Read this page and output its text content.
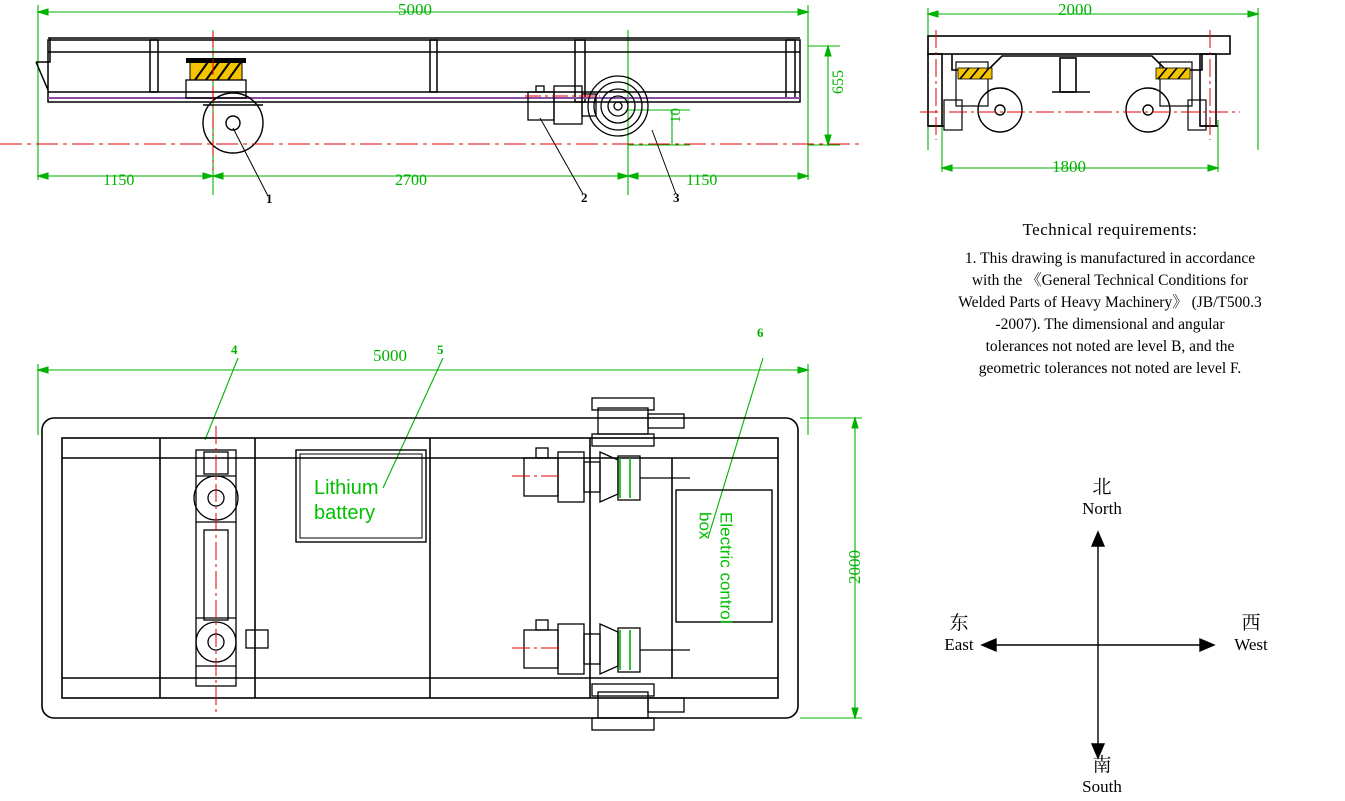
5000
655
10
1150	2700	1150
1	2	3
2000
1800
Technical requirements:
1. This drawing is manufactured in accordance
with the 《General Technical Conditions for
Welded Parts of Heavy Machinery》 (JB/T500.3
-2007). The dimensional and angular
tolerances not noted are level B, and the
geometric tolerances not noted are level F.
5000
2000
4	5
6
Lithium battery	Electric control box
北
North
南
South
东
East
西
West
